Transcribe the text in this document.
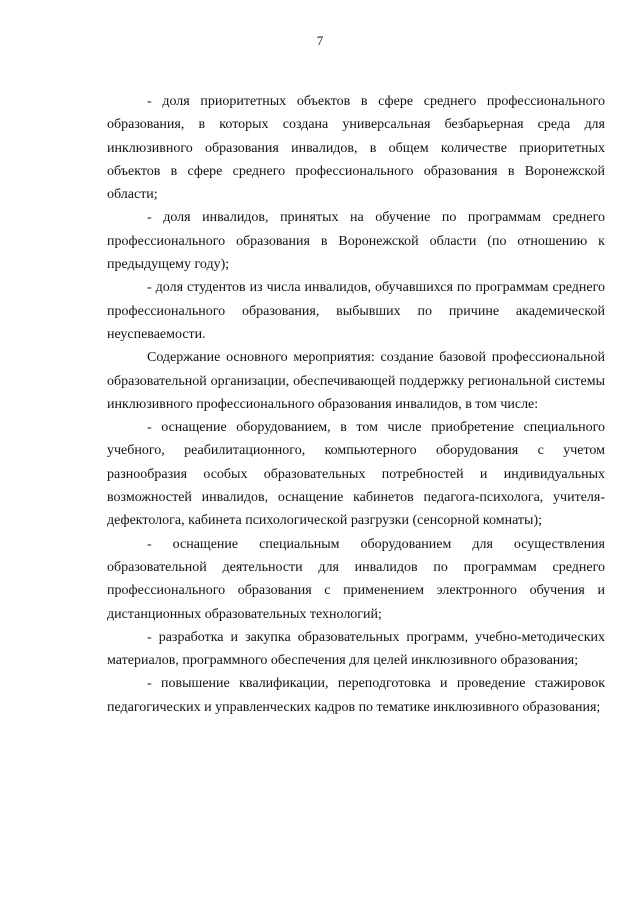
7

- доля приоритетных объектов в сфере среднего профессионального образования, в которых создана универсальная безбарьерная среда для инклюзивного образования инвалидов, в общем количестве приоритетных объектов в сфере среднего профессионального образования в Воронежской области;

- доля инвалидов, принятых на обучение по программам среднего профессионального образования в Воронежской области (по отношению к предыдущему году);

- доля студентов из числа инвалидов, обучавшихся по программам среднего профессионального образования, выбывших по причине академической неуспеваемости.

Содержание основного мероприятия: создание базовой профессиональной образовательной организации, обеспечивающей поддержку региональной системы инклюзивного профессионального образования инвалидов, в том числе:

- оснащение оборудованием, в том числе приобретение специального учебного, реабилитационного, компьютерного оборудования с учетом разнообразия особых образовательных потребностей и индивидуальных возможностей инвалидов, оснащение кабинетов педагога-психолога, учителя-дефектолога, кабинета психологической разгрузки (сенсорной комнаты);

- оснащение специальным оборудованием для осуществления образовательной деятельности для инвалидов по программам среднего профессионального образования с применением электронного обучения и дистанционных образовательных технологий;

- разработка и закупка образовательных программ, учебно-методических материалов, программного обеспечения для целей инклюзивного образования;

- повышение квалификации, переподготовка и проведение стажировок педагогических и управленческих кадров по тематике инклюзивного образования;
